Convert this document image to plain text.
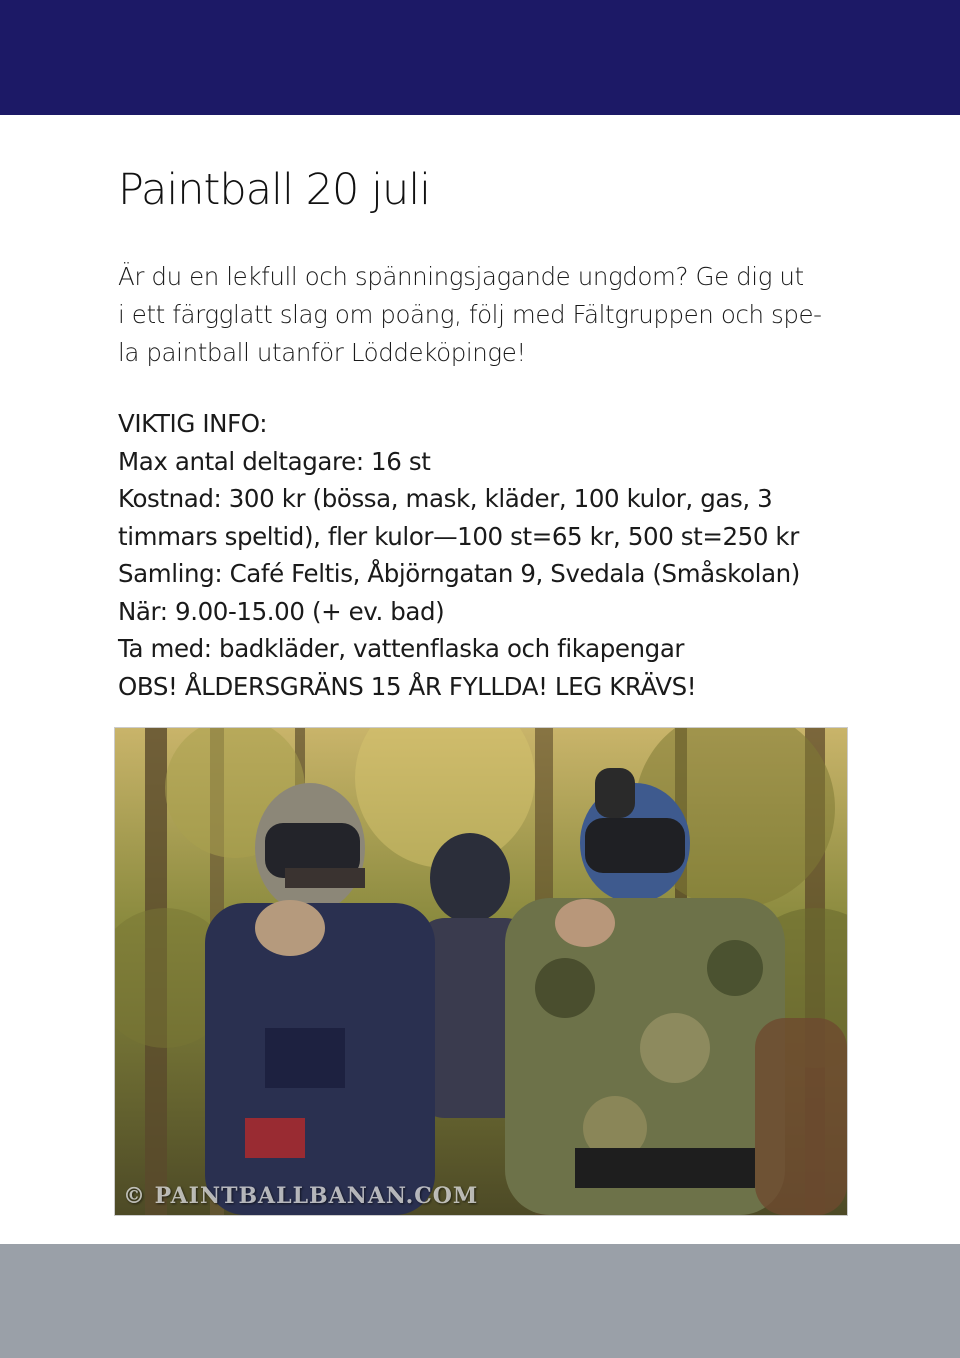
Paintball 20 juli
Är du en lekfull och spänningsjagande ungdom? Ge dig ut
i ett färgglatt slag om poäng, följ med Fältgruppen och spe-
la paintball utanför Löddeköpinge!
VIKTIG INFO:
Max antal deltagare: 16 st
Kostnad: 300 kr (bössa, mask, kläder, 100 kulor, gas, 3
timmars speltid), fler kulor—100 st=65 kr, 500 st=250 kr
Samling: Café Feltis, Åbjörngatan 9, Svedala (Småskolan)
När: 9.00-15.00 (+ ev. bad)
Ta med: badkläder, vattenflaska och fikapengar
OBS! ÅLDERSGRÄNS 15 ÅR FYLLDA! LEG KRÄVS!
© PAINTBALLBANAN.COM
